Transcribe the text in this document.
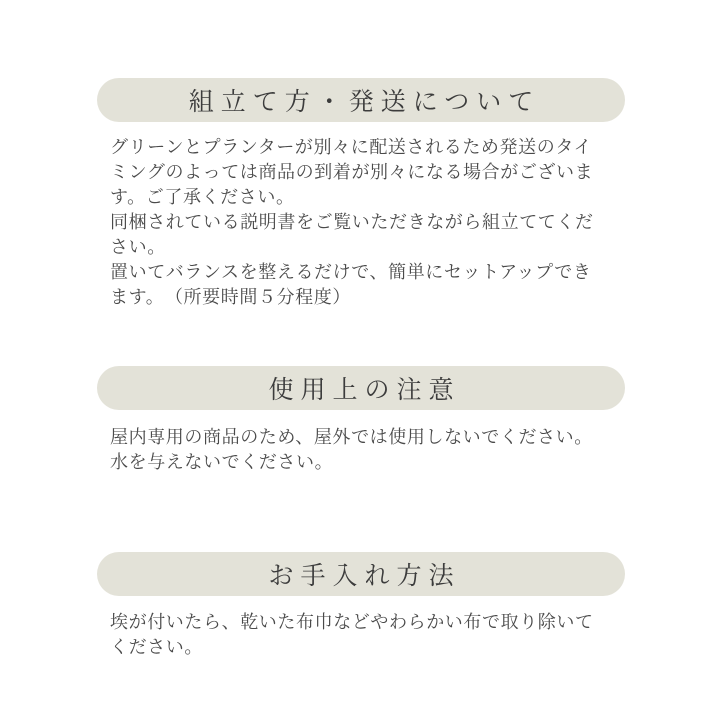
組立て方・発送について
グリーンとプランターが別々に配送されるため発送のタイ
ミングのよっては商品の到着が別々になる場合がございま
す。ご了承ください。
同梱されている説明書をご覧いただきながら組立ててくだ
さい。
置いてバランスを整えるだけで、簡単にセットアップでき
ます。　（所要時間５分程度）
使用上の注意
屋内専用の商品のため、屋外では使用しないでください。
水を与えないでください。
お手入れ方法
埃が付いたら、乾いた布巾などやわらかい布で取り除いて
ください。
